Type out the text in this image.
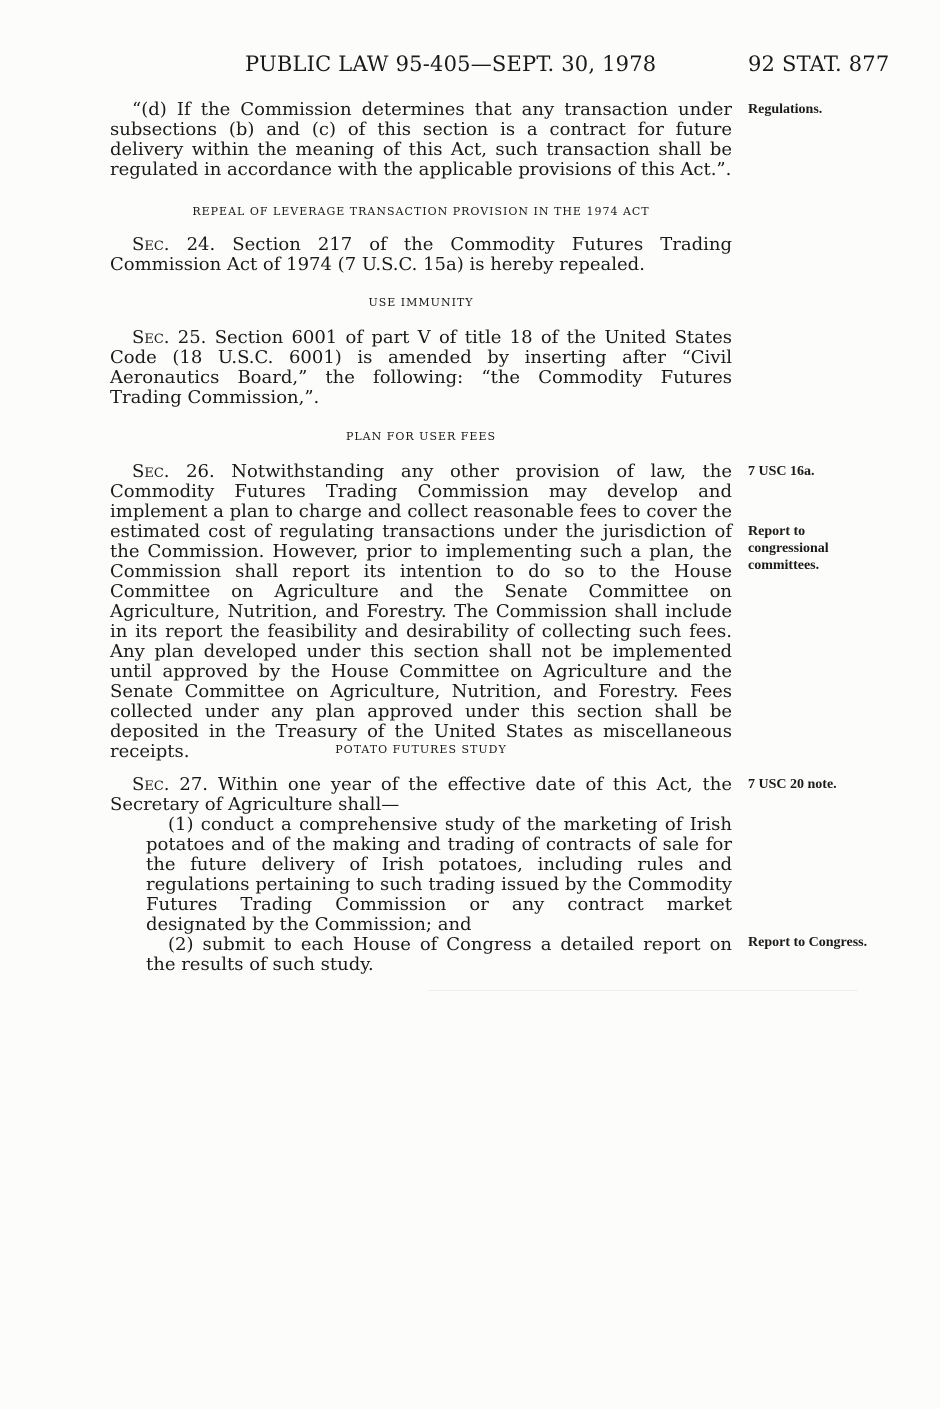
PUBLIC LAW 95-405—SEPT. 30, 1978	92 STAT. 877

“(d) If the Commission determines that any transaction under subsections (b) and (c) of this section is a contract for future delivery within the meaning of this Act, such transaction shall be regulated in accordance with the applicable provisions of this Act.”.

Regulations.
REPEAL OF LEVERAGE TRANSACTION PROVISION IN THE 1974 ACT

Sec. 24. Section 217 of the Commodity Futures Trading Commission Act of 1974 (7 U.S.C. 15a) is hereby repealed.

USE IMMUNITY

Sec. 25. Section 6001 of part V of title 18 of the United States Code (18 U.S.C. 6001) is amended by inserting after “Civil Aeronautics Board,” the following: “the Commodity Futures Trading Commission,”.

PLAN FOR USER FEES

Sec. 26. Notwithstanding any other provision of law, the Commodity Futures Trading Commission may develop and implement a plan to charge and collect reasonable fees to cover the estimated cost of regulating transactions under the jurisdiction of the Commission. However, prior to implementing such a plan, the Commission shall report its intention to do so to the House Committee on Agriculture and the Senate Committee on Agriculture, Nutrition, and Forestry. The Commission shall include in its report the feasibility and desirability of collecting such fees. Any plan developed under this section shall not be implemented until approved by the House Committee on Agriculture and the Senate Committee on Agriculture, Nutrition, and Forestry. Fees collected under any plan approved under this section shall be deposited in the Treasury of the United States as miscellaneous receipts.

7 USC 16a.
Report to congressional committees.
POTATO FUTURES STUDY

Sec. 27. Within one year of the effective date of this Act, the Secretary of Agriculture shall—

(1) conduct a comprehensive study of the marketing of Irish potatoes and of the making and trading of contracts of sale for the future delivery of Irish potatoes, including rules and regulations pertaining to such trading issued by the Commodity Futures Trading Commission or any contract market designated by the Commission; and

(2) submit to each House of Congress a detailed report on the results of such study.

7 USC 20 note.
Report to Congress.
